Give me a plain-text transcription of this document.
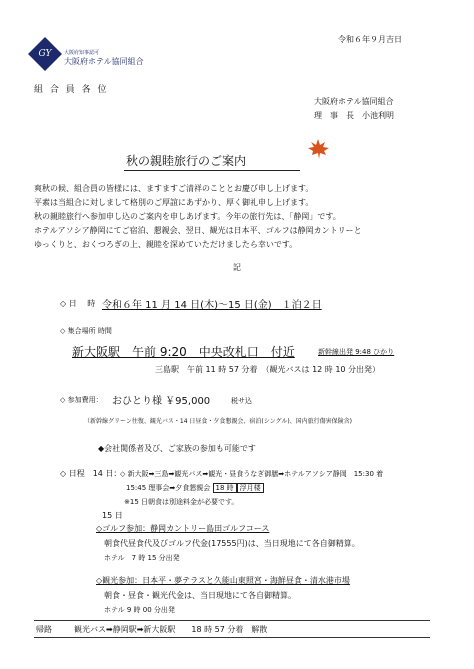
令和６年９月吉日
GY	大阪府知事認可
大阪府ホテル協同組合
組 合 員 各 位
大阪府ホテル協同組合
理　事　長　小池利明
秋の親睦旅行のご案内
爽秋の候、組合員の皆様には、ますますご清祥のこととお慶び申し上げます。
平素は当組合に対しまして格別のご厚誼にあずかり、厚く御礼申し上げます。
秋の親睦旅行へ参加申し込のご案内を申しあげます。今年の旅行先は、「静岡」です。
ホテルアソシア静岡にてご宿泊、懇親会、翌日、観光は日本平、ゴルフは静岡カントリーと
ゆっくりと、おくつろぎの上、親睦を深めていただけましたら幸いです。
記
◇ 日　 時 令和６年 11 月 14 日(木)～15 日(金)　１泊２日
◇ 集合場所 時間
新大阪駅　午前 9:20　中央改札口　付近	新幹線出発 9:48 ひかり
三島駅　午前 11 時 57 分着　（観光バスは 12 時 10 分出発）
◇ 参加費用： おひとり様 ￥95,000	税サ込
（新幹線グリーン往復、観光バス・14 日昼食・夕食懇親会、宿泊(シングル)、国内旅行傷害保険含)
◆会社関係者及び、ご家族の参加も可能です
◇ 日程　14 日：
◇ 新大阪➡三島➡観光バス➡観光・昼食うなぎ御膳➡ホテルアソシア静岡　15:30 着
15:45 理事会➡夕食懇親会 18 時 浮月楼
※15 日朝食は別途料金が必要です。
15 日
◇ゴルフ参加：静岡カントリー島田ゴルフコース
朝食代昼食代及びゴルフ代金(17555円)は、当日現地にて各自御精算。
ホテル　7 時 15 分出発
◇観光参加：日本平・夢テラスと久能山東照宮・海鮮昼食・清水港市場
朝食・昼食・観光代金は、当日現地にて各自御精算。
ホテル 9 時 00 分出発
帰路	観光バス➡静岡駅➡新大阪駅　　18 時 57 分着　解散
